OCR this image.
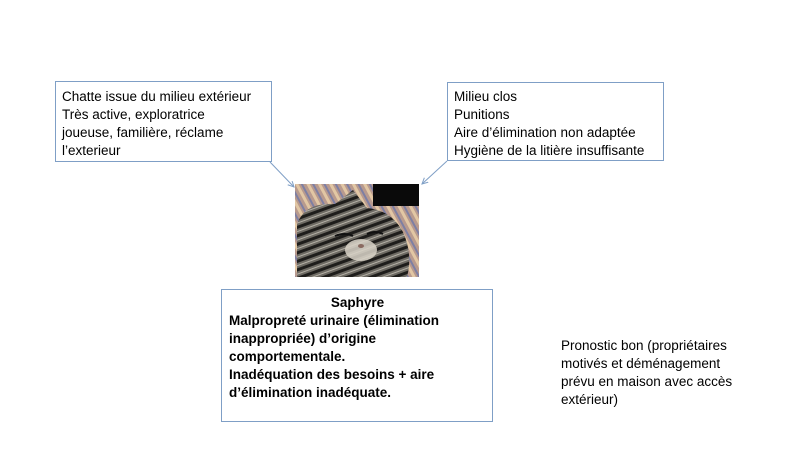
Chatte issue du milieu extérieur
Très active, exploratrice
joueuse, familière, réclame
l’exterieur
Milieu clos
Punitions
Aire d’élimination non adaptée
Hygiène de la litière insuffisante
Saphyre
Malpropreté urinaire (élimination
inappropriée) d’origine
comportementale.
Inadéquation des besoins + aire
d’élimination inadéquate.
Pronostic bon (propriétaires
motivés et déménagement
prévu en maison avec accès
extérieur)
